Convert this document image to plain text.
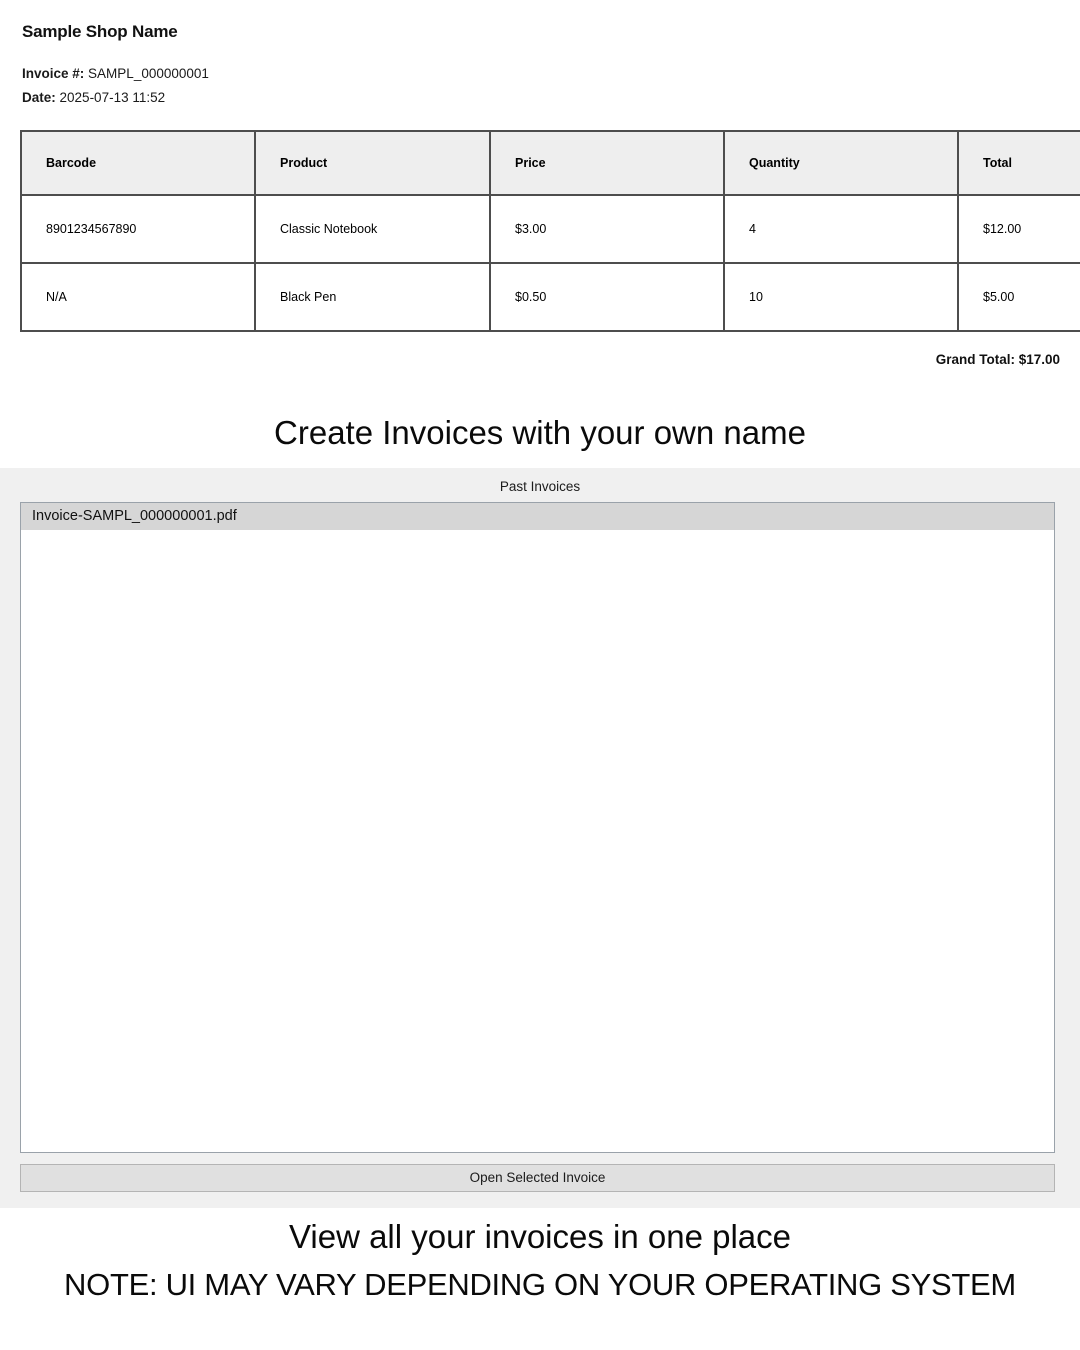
Sample Shop Name
Invoice #: SAMPL_000000001
Date: 2025-07-13 11:52
Barcode	Product	Price	Quantity	Total
8901234567890	Classic Notebook	$3.00	4	$12.00
N/A	Black Pen	$0.50	10	$5.00
Grand Total: $17.00
Create Invoices with your own name
Past Invoices
Invoice-SAMPL_000000001.pdf
Open Selected Invoice
View all your invoices in one place
NOTE: UI MAY VARY DEPENDING ON YOUR OPERATING SYSTEM
